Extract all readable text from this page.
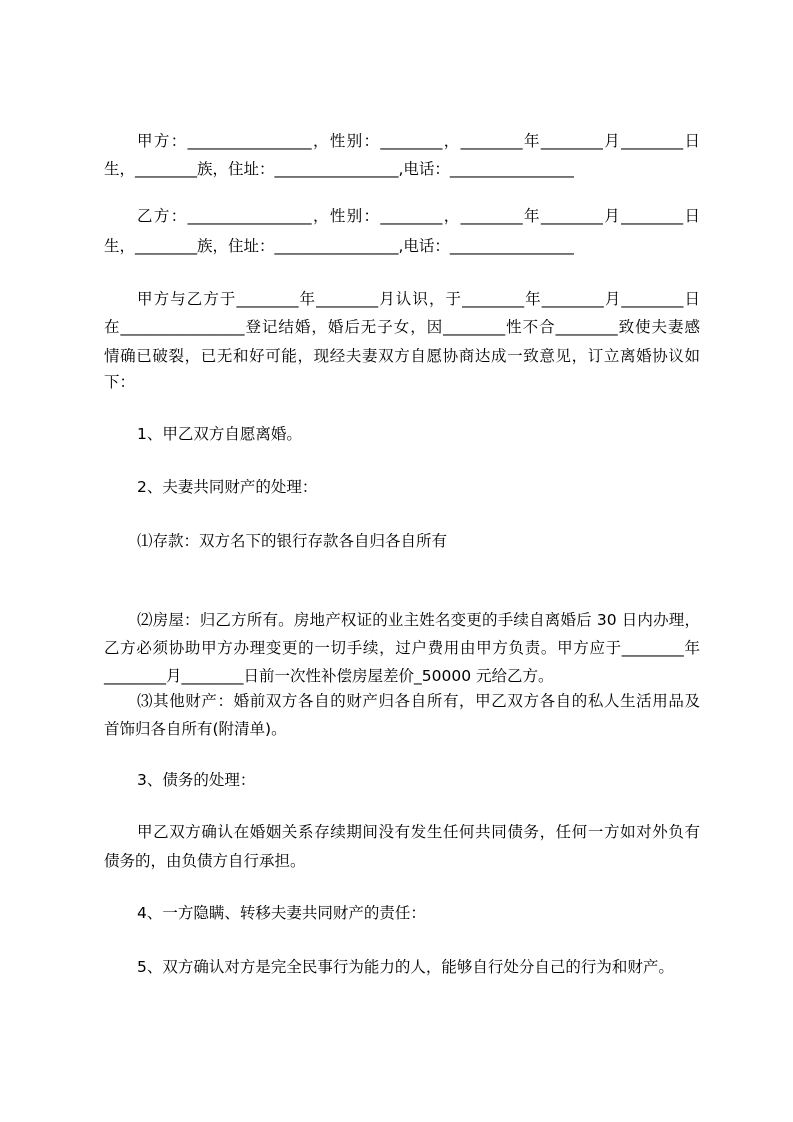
甲方：________________，性别：________，________年________月________日
生，________族，住址：________________,电话：________________
乙方：________________，性别：________，________年________月________日
生，________族，住址：________________,电话：________________
甲方与乙方于________年________月认识，于________年________月________日
在________________登记结婚，婚后无子女，因________性不合________致使夫妻感
情确已破裂，已无和好可能，现经夫妻双方自愿协商达成一致意见，订立离婚协议如
下：
1、甲乙双方自愿离婚。
2、夫妻共同财产的处理：
⑴存款：双方名下的银行存款各自归各自所有
⑵房屋：归乙方所有。房地产权证的业主姓名变更的手续自离婚后 30 日内办理，
乙方必须协助甲方办理变更的一切手续，过户费用由甲方负责。甲方应于________年
________月________日前一次性补偿房屋差价_50000 元给乙方。
⑶其他财产：婚前双方各自的财产归各自所有，甲乙双方各自的私人生活用品及
首饰归各自所有(附清单)。
3、债务的处理：
甲乙双方确认在婚姻关系存续期间没有发生任何共同债务，任何一方如对外负有
债务的，由负债方自行承担。
4、一方隐瞒、转移夫妻共同财产的责任：
5、双方确认对方是完全民事行为能力的人，能够自行处分自己的行为和财产。
